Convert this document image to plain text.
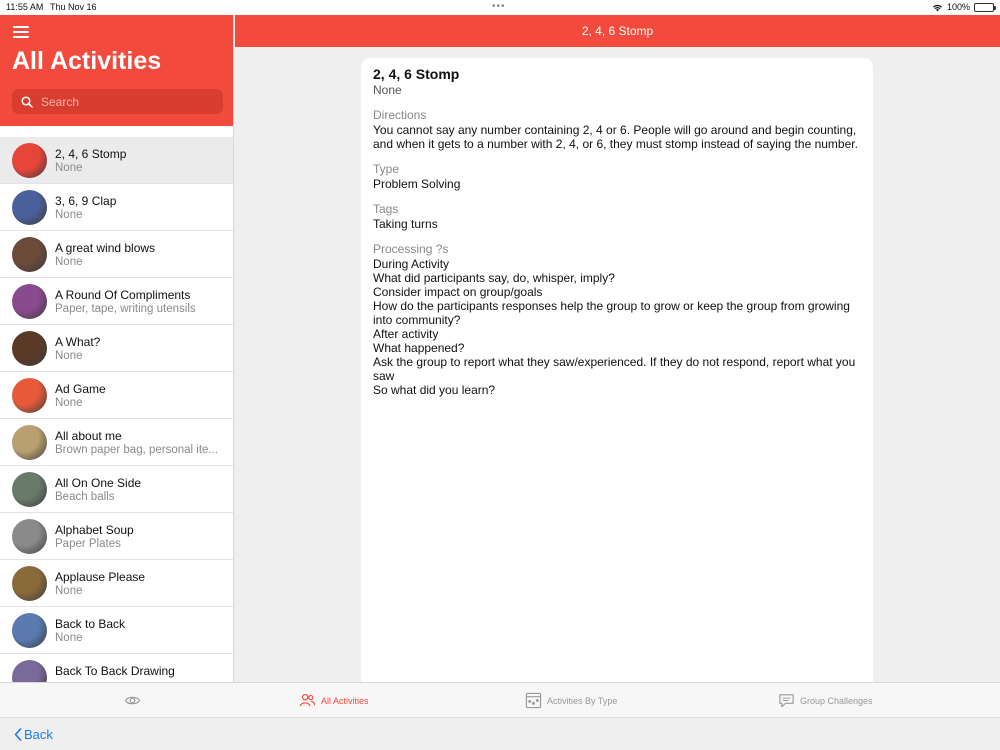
11:55 AM Thu Nov 16	•••	100%
All Activities
Search
2, 4, 6 Stomp
None
3, 6, 9 Clap
None
A great wind blows
None
A Round Of Compliments
Paper, tape, writing utensils
A What?
None
Ad Game
None
All about me
Brown paper bag, personal ite...
All On One Side
Beach balls
Alphabet Soup
Paper Plates
Applause Please
None
Back to Back
None
Back To Back Drawing
2, 4, 6 Stomp
2, 4, 6 Stomp
None
Directions
You cannot say any number containing 2, 4 or 6. People will go around and begin counting, and when it gets to a number with 2, 4, or 6, they must stomp instead of saying the number.
Type
Problem Solving
Tags
Taking turns
Processing ?s
During Activity
What did participants say, do, whisper, imply?
Consider impact on group/goals
How do the participants responses help the group to grow or keep the group from growing into community?
After activity
What happened?
Ask the group to report what they saw/experienced. If they do not respond, report what you saw
So what did you learn?
All Activities	Activities By Type	Group Challenges
Back
